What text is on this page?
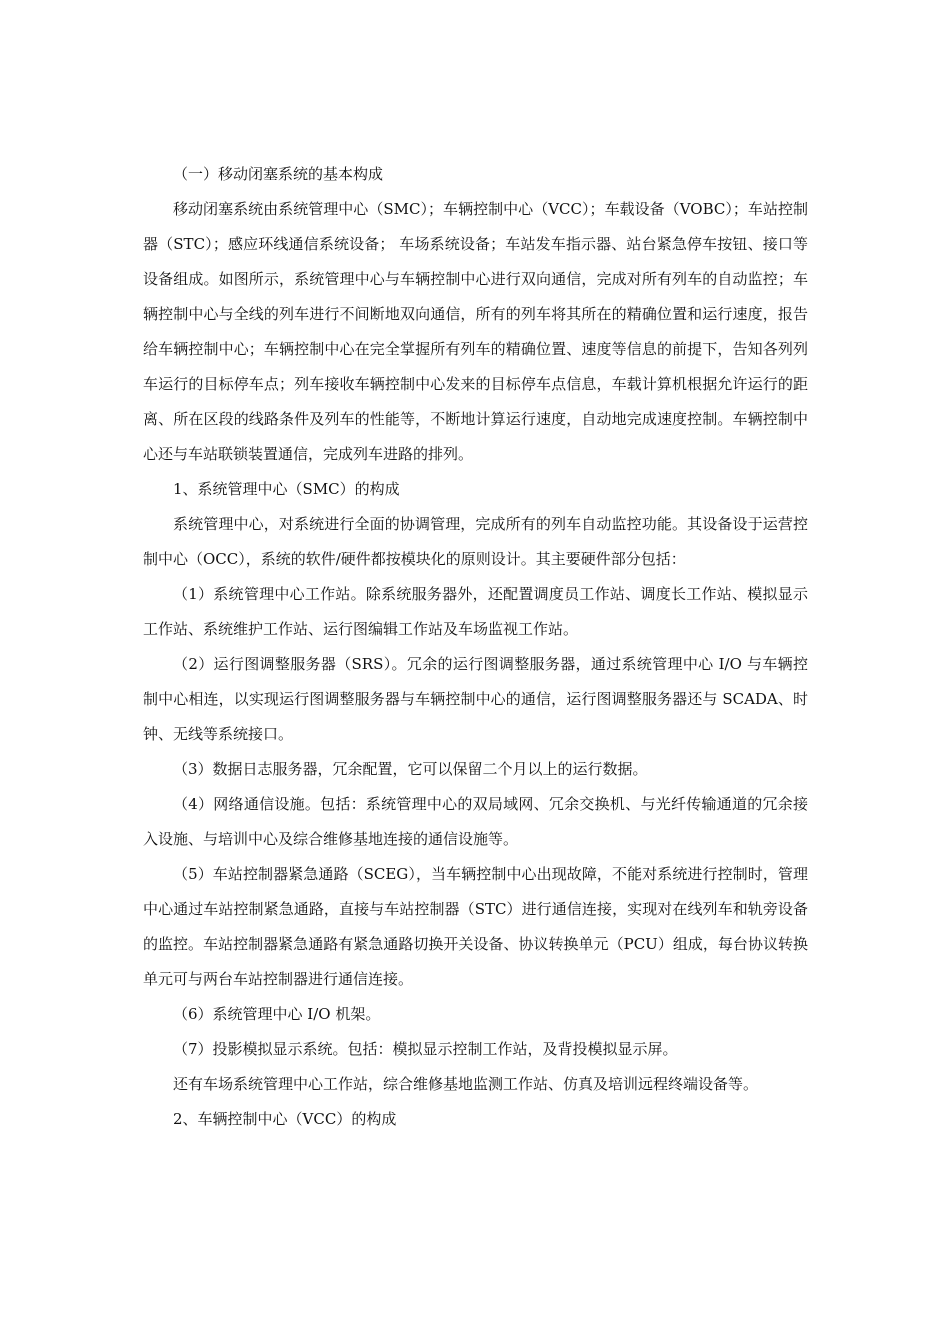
（一）移动闭塞系统的基本构成

移动闭塞系统由系统管理中心（SMC）；车辆控制中心（VCC）；车载设备（VOBC）；车站控制器（STC）；感应环线通信系统设备； 车场系统设备；车站发车指示器、站台紧急停车按钮、接口等设备组成。如图所示，系统管理中心与车辆控制中心进行双向通信，完成对所有列车的自动监控；车辆控制中心与全线的列车进行不间断地双向通信，所有的列车将其所在的精确位置和运行速度，报告给车辆控制中心；车辆控制中心在完全掌握所有列车的精确位置、速度等信息的前提下，告知各列列车运行的目标停车点；列车接收车辆控制中心发来的目标停车点信息，车载计算机根据允许运行的距离、所在区段的线路条件及列车的性能等，不断地计算运行速度，自动地完成速度控制。车辆控制中心还与车站联锁装置通信，完成列车进路的排列。

1、系统管理中心（SMC）的构成

系统管理中心，对系统进行全面的协调管理，完成所有的列车自动监控功能。其设备设于运营控制中心（OCC），系统的软件/硬件都按模块化的原则设计。其主要硬件部分包括：

（1）系统管理中心工作站。除系统服务器外，还配置调度员工作站、调度长工作站、模拟显示工作站、系统维护工作站、运行图编辑工作站及车场监视工作站。

（2）运行图调整服务器（SRS）。冗余的运行图调整服务器，通过系统管理中心 I/O 与车辆控制中心相连，以实现运行图调整服务器与车辆控制中心的通信，运行图调整服务器还与 SCADA、时钟、无线等系统接口。

（3）数据日志服务器，冗余配置，它可以保留二个月以上的运行数据。

（4）网络通信设施。包括：系统管理中心的双局域网、冗余交换机、与光纤传输通道的冗余接入设施、与培训中心及综合维修基地连接的通信设施等。

（5）车站控制器紧急通路（SCEG），当车辆控制中心出现故障，不能对系统进行控制时，管理中心通过车站控制紧急通路，直接与车站控制器（STC）进行通信连接，实现对在线列车和轨旁设备的监控。车站控制器紧急通路有紧急通路切换开关设备、协议转换单元（PCU）组成，每台协议转换单元可与两台车站控制器进行通信连接。

（6）系统管理中心 I/O 机架。

（7）投影模拟显示系统。包括：模拟显示控制工作站，及背投模拟显示屏。

还有车场系统管理中心工作站，综合维修基地监测工作站、仿真及培训远程终端设备等。

2、车辆控制中心（VCC）的构成
